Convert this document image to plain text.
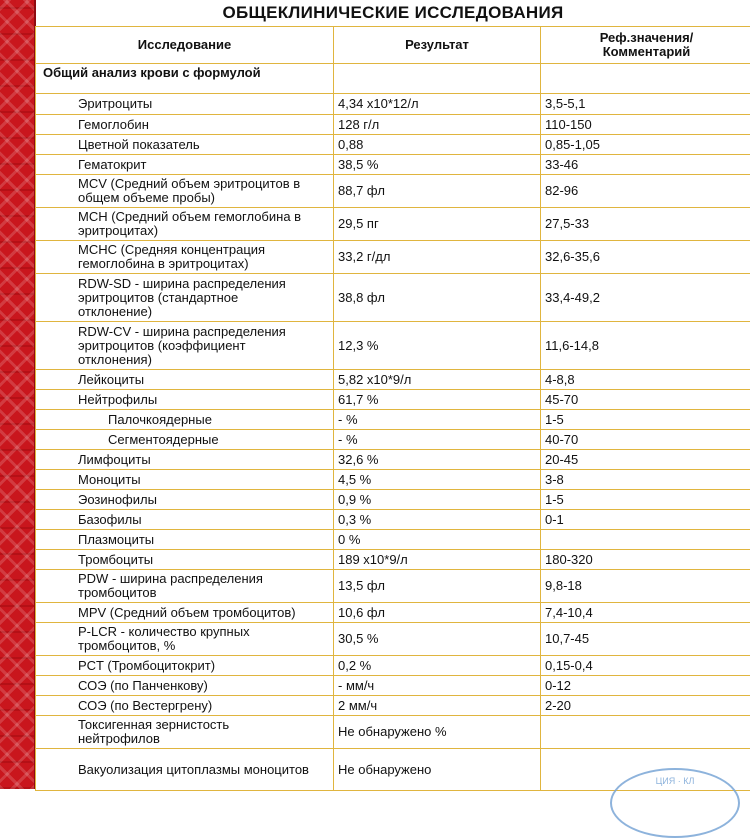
ОБЩЕКЛИНИЧЕСКИЕ ИССЛЕДОВАНИЯ
Исследование	Результат	Реф.значения/
Комментарий
Общий анализ крови с формулой		
Эритроциты	4,34 x10*12/л	3,5-5,1
Гемоглобин	128 г/л	110-150
Цветной показатель	0,88	0,85-1,05
Гематокрит	38,5 %	33-46
MCV (Средний объем эритроцитов в
общем объеме пробы)	88,7 фл	82-96
MCH (Средний объем гемоглобина в
эритроцитах)	29,5 пг	27,5-33
MCHC (Средняя концентрация
гемоглобина в эритроцитах)	33,2 г/дл	32,6-35,6
RDW-SD - ширина распределения
эритроцитов (стандартное
отклонение)	38,8 фл	33,4-49,2
RDW-CV - ширина распределения
эритроцитов (коэффициент
отклонения)	12,3 %	11,6-14,8
Лейкоциты	5,82 x10*9/л	4-8,8
Нейтрофилы	61,7 %	45-70
Палочкоядерные	- %	1-5
Сегментоядерные	- %	40-70
Лимфоциты	32,6 %	20-45
Моноциты	4,5 %	3-8
Эозинофилы	0,9 %	1-5
Базофилы	0,3 %	0-1
Плазмоциты	0 %	
Тромбоциты	189 x10*9/л	180-320
PDW - ширина распределения
тромбоцитов	13,5 фл	9,8-18
MPV (Средний объем тромбоцитов)	10,6 фл	7,4-10,4
P-LCR - количество крупных
тромбоцитов, %	30,5 %	10,7-45
PCT (Тромбоцитокрит)	0,2 %	0,15-0,4
СОЭ (по Панченкову)	- мм/ч	0-12
СОЭ (по Вестергрену)	2 мм/ч	2-20
Токсигенная зернистость
нейтрофилов	Не обнаружено %	
Вакуолизация цитоплазмы моноцитов	Не обнаружено	
ЦИЯ · КЛ
